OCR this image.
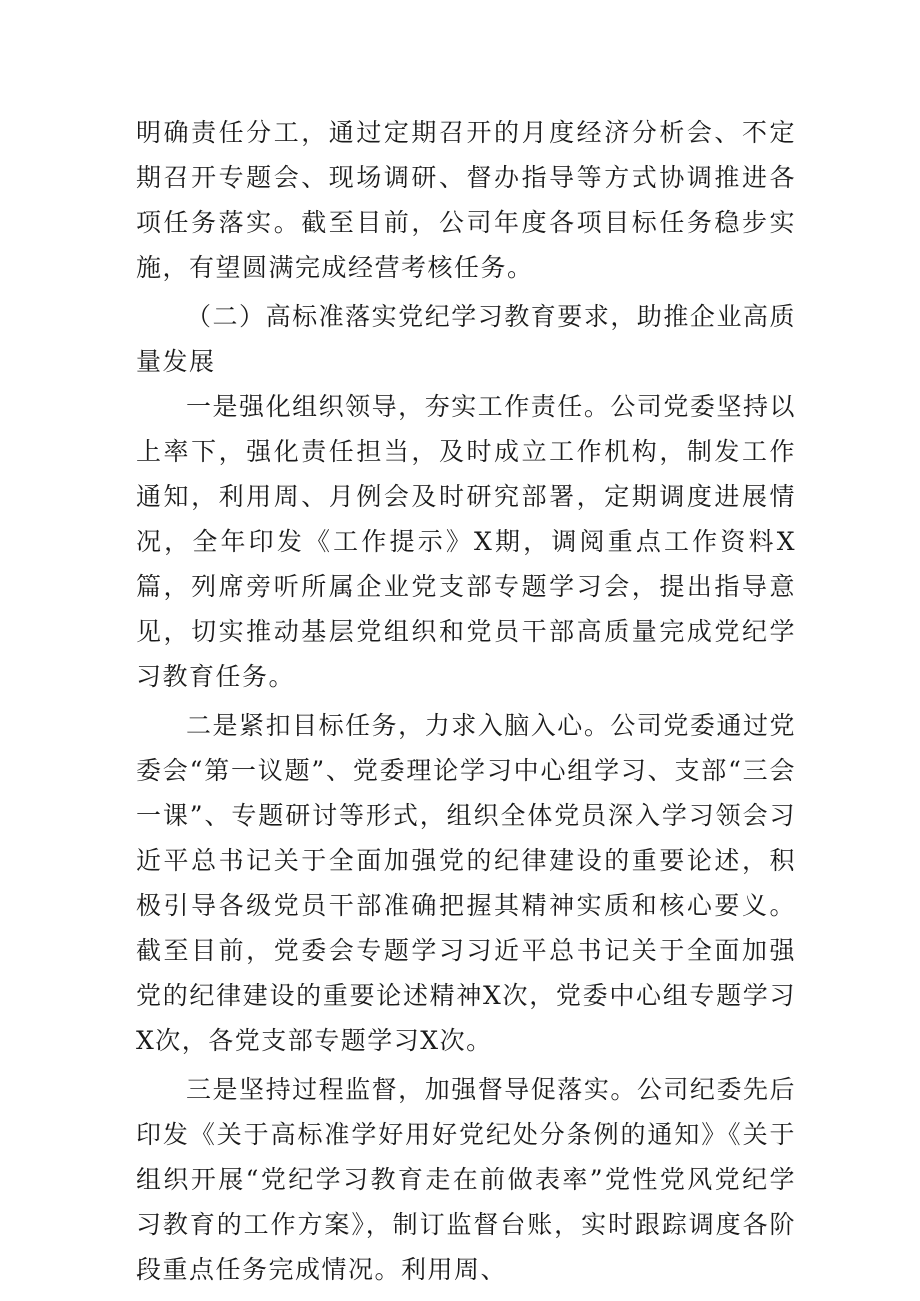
明确责任分工，通过定期召开的月度经济分析会、不定期召开专题会、现场调研、督办指导等方式协调推进各项任务落实。截至目前，公司年度各项目标任务稳步实施，有望圆满完成经营考核任务。

（二）高标准落实党纪学习教育要求，助推企业高质量发展

一是强化组织领导，夯实工作责任。公司党委坚持以上率下，强化责任担当，及时成立工作机构，制发工作通知，利用周、月例会及时研究部署，定期调度进展情况，全年印发《工作提示》X期，调阅重点工作资料X篇，列席旁听所属企业党支部专题学习会，提出指导意见，切实推动基层党组织和党员干部高质量完成党纪学习教育任务。

二是紧扣目标任务，力求入脑入心。公司党委通过党委会“第一议题”、党委理论学习中心组学习、支部“三会一课”、专题研讨等形式，组织全体党员深入学习领会习近平总书记关于全面加强党的纪律建设的重要论述，积极引导各级党员干部准确把握其精神实质和核心要义。截至目前，党委会专题学习习近平总书记关于全面加强党的纪律建设的重要论述精神X次，党委中心组专题学习X次，各党支部专题学习X次。

三是坚持过程监督，加强督导促落实。公司纪委先后印发《关于高标准学好用好党纪处分条例的通知》《关于组织开展“党纪学习教育走在前做表率”党性党风党纪学习教育的工作方案》，制订监督台账，实时跟踪调度各阶段重点任务完成情况。利用周、
